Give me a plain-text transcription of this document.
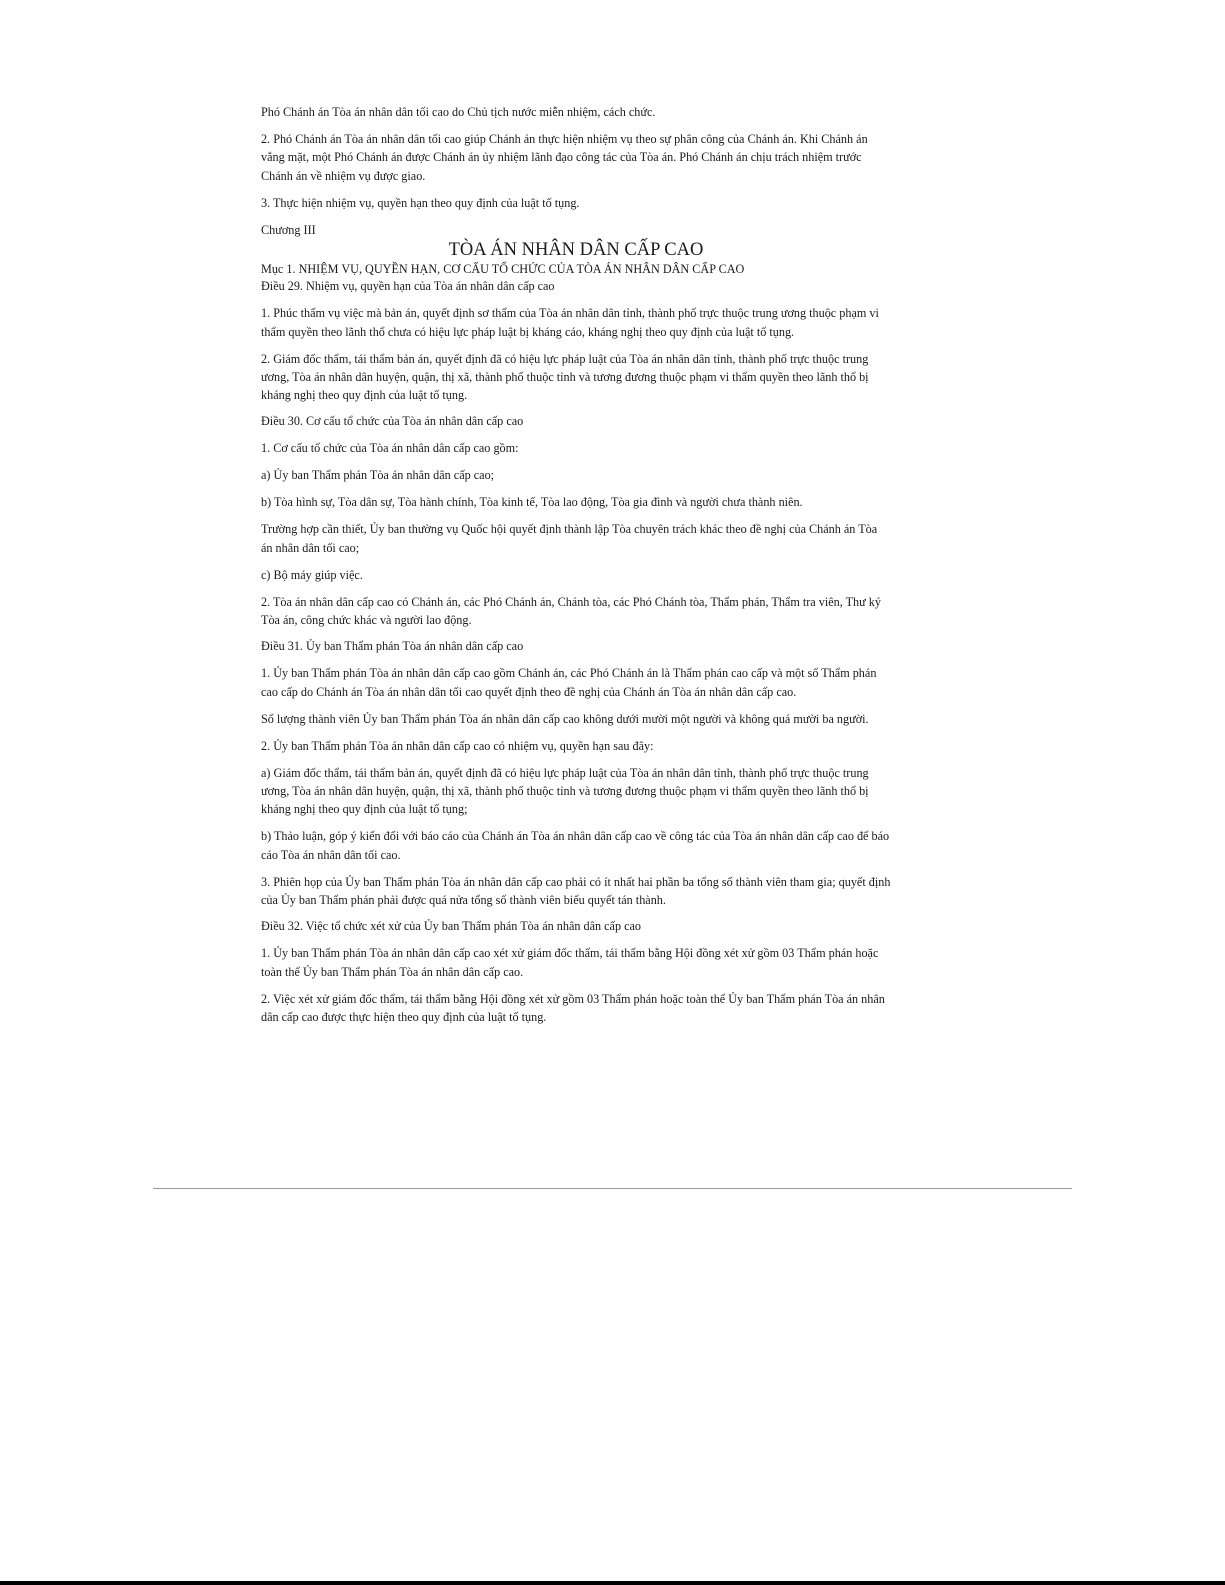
Phó Chánh án Tòa án nhân dân tối cao do Chủ tịch nước miễn nhiệm, cách chức.

2. Phó Chánh án Tòa án nhân dân tối cao giúp Chánh án thực hiện nhiệm vụ theo sự phân công của Chánh án. Khi Chánh án vắng mặt, một Phó Chánh án được Chánh án ủy nhiệm lãnh đạo công tác của Tòa án. Phó Chánh án chịu trách nhiệm trước Chánh án về nhiệm vụ được giao.

3. Thực hiện nhiệm vụ, quyền hạn theo quy định của luật tố tụng.

Chương III

TÒA ÁN NHÂN DÂN CẤP CAO

Mục 1. NHIỆM VỤ, QUYỀN HẠN, CƠ CẤU TỔ CHỨC CỦA TÒA ÁN NHÂN DÂN CẤP CAO

Điều 29. Nhiệm vụ, quyền hạn của Tòa án nhân dân cấp cao

1. Phúc thẩm vụ việc mà bản án, quyết định sơ thẩm của Tòa án nhân dân tỉnh, thành phố trực thuộc trung ương thuộc phạm vi thẩm quyền theo lãnh thổ chưa có hiệu lực pháp luật bị kháng cáo, kháng nghị theo quy định của luật tố tụng.

2. Giám đốc thẩm, tái thẩm bản án, quyết định đã có hiệu lực pháp luật của Tòa án nhân dân tỉnh, thành phố trực thuộc trung ương, Tòa án nhân dân huyện, quận, thị xã, thành phố thuộc tỉnh và tương đương thuộc phạm vi thẩm quyền theo lãnh thổ bị kháng nghị theo quy định của luật tố tụng.

Điều 30. Cơ cấu tổ chức của Tòa án nhân dân cấp cao

1. Cơ cấu tổ chức của Tòa án nhân dân cấp cao gồm:

a) Ủy ban Thẩm phán Tòa án nhân dân cấp cao;

b) Tòa hình sự, Tòa dân sự, Tòa hành chính, Tòa kinh tế, Tòa lao động, Tòa gia đình và người chưa thành niên.

Trường hợp cần thiết, Ủy ban thường vụ Quốc hội quyết định thành lập Tòa chuyên trách khác theo đề nghị của Chánh án Tòa án nhân dân tối cao;

c) Bộ máy giúp việc.

2. Tòa án nhân dân cấp cao có Chánh án, các Phó Chánh án, Chánh tòa, các Phó Chánh tòa, Thẩm phán, Thẩm tra viên, Thư ký Tòa án, công chức khác và người lao động.

Điều 31. Ủy ban Thẩm phán Tòa án nhân dân cấp cao

1. Ủy ban Thẩm phán Tòa án nhân dân cấp cao gồm Chánh án, các Phó Chánh án là Thẩm phán cao cấp và một số Thẩm phán cao cấp do Chánh án Tòa án nhân dân tối cao quyết định theo đề nghị của Chánh án Tòa án nhân dân cấp cao.

Số lượng thành viên Ủy ban Thẩm phán Tòa án nhân dân cấp cao không dưới mười một người và không quá mười ba người.

2. Ủy ban Thẩm phán Tòa án nhân dân cấp cao có nhiệm vụ, quyền hạn sau đây:

a) Giám đốc thẩm, tái thẩm bản án, quyết định đã có hiệu lực pháp luật của Tòa án nhân dân tỉnh, thành phố trực thuộc trung ương, Tòa án nhân dân huyện, quận, thị xã, thành phố thuộc tỉnh và tương đương thuộc phạm vi thẩm quyền theo lãnh thổ bị kháng nghị theo quy định của luật tố tụng;

b) Thảo luận, góp ý kiến đối với báo cáo của Chánh án Tòa án nhân dân cấp cao về công tác của Tòa án nhân dân cấp cao để báo cáo Tòa án nhân dân tối cao.

3. Phiên họp của Ủy ban Thẩm phán Tòa án nhân dân cấp cao phải có ít nhất hai phần ba tổng số thành viên tham gia; quyết định của Ủy ban Thẩm phán phải được quá nửa tổng số thành viên biểu quyết tán thành.

Điều 32. Việc tổ chức xét xử của Ủy ban Thẩm phán Tòa án nhân dân cấp cao

1. Ủy ban Thẩm phán Tòa án nhân dân cấp cao xét xử giám đốc thẩm, tái thẩm bằng Hội đồng xét xử gồm 03 Thẩm phán hoặc toàn thể Ủy ban Thẩm phán Tòa án nhân dân cấp cao.

2. Việc xét xử giám đốc thẩm, tái thẩm bằng Hội đồng xét xử gồm 03 Thẩm phán hoặc toàn thể Ủy ban Thẩm phán Tòa án nhân dân cấp cao được thực hiện theo quy định của luật tố tụng.
